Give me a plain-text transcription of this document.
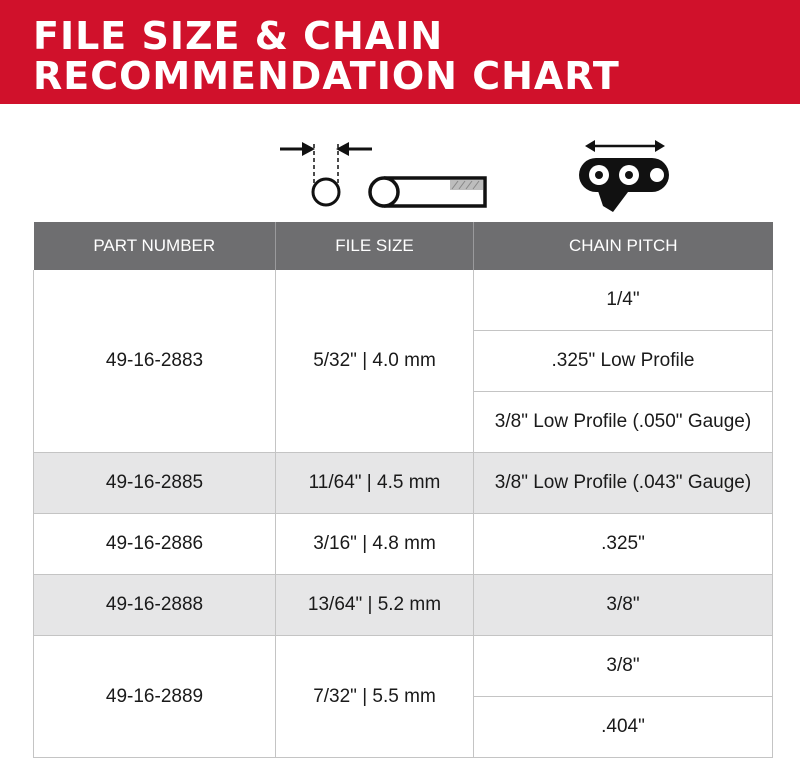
FILE SIZE & CHAIN
RECOMMENDATION CHART
PART NUMBER	FILE SIZE	CHAIN PITCH
49-16-2883	5/32" | 4.0 mm	1/4"
		.325" Low Profile
		3/8" Low Profile (.050" Gauge)
49-16-2885	11/64" | 4.5 mm	3/8" Low Profile (.043" Gauge)
49-16-2886	3/16" | 4.8 mm	.325"
49-16-2888	13/64" | 5.2 mm	3/8"
49-16-2889	7/32" | 5.5 mm	3/8"
		.404"
